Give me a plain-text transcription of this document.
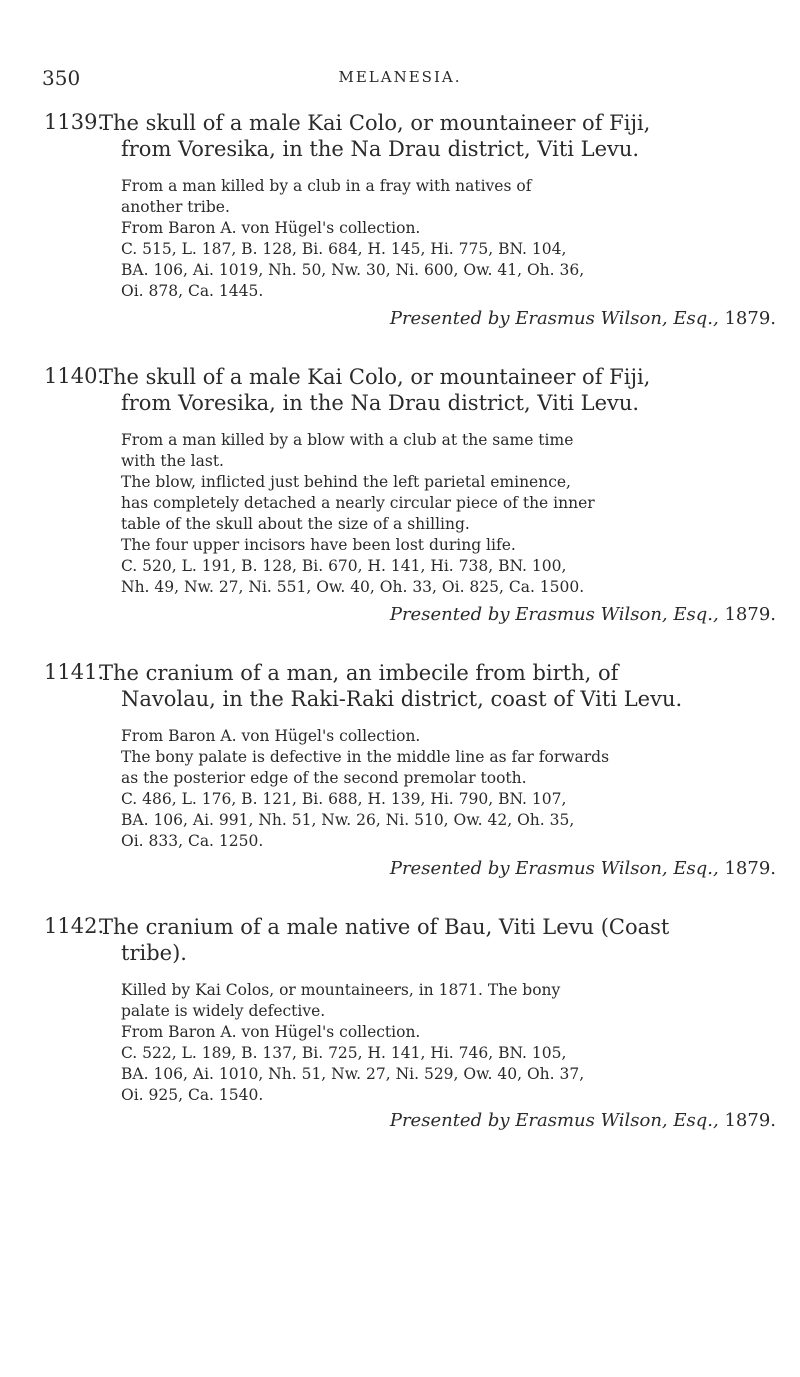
350	MELANESIA.
1139.
The skull of a male Kai Colo, or mountaineer of Fiji,
from Voresika, in the Na Drau district, Viti Levu.
From a man killed by a club in a fray with natives of
another tribe.
From Baron A. von Hügel's collection.
C. 515, L. 187, B. 128, Bi. 684, H. 145, Hi. 775, BN. 104,
BA. 106, Ai. 1019, Nh. 50, Nw. 30, Ni. 600, Ow. 41, Oh. 36,
Oi. 878, Ca. 1445.
Presented by Erasmus Wilson, Esq., 1879.
1140.
The skull of a male Kai Colo, or mountaineer of Fiji,
from Voresika, in the Na Drau district, Viti Levu.
From a man killed by a blow with a club at the same time
with the last.
The blow, inflicted just behind the left parietal eminence,
has completely detached a nearly circular piece of the inner
table of the skull about the size of a shilling.
The four upper incisors have been lost during life.
C. 520, L. 191, B. 128, Bi. 670, H. 141, Hi. 738, BN. 100,
Nh. 49, Nw. 27, Ni. 551, Ow. 40, Oh. 33, Oi. 825, Ca. 1500.
Presented by Erasmus Wilson, Esq., 1879.
1141.
The cranium of a man, an imbecile from birth, of
Navolau, in the Raki-Raki district, coast of Viti Levu.
From Baron A. von Hügel's collection.
The bony palate is defective in the middle line as far forwards
as the posterior edge of the second premolar tooth.
C. 486, L. 176, B. 121, Bi. 688, H. 139, Hi. 790, BN. 107,
BA. 106, Ai. 991, Nh. 51, Nw. 26, Ni. 510, Ow. 42, Oh. 35,
Oi. 833, Ca. 1250.
Presented by Erasmus Wilson, Esq., 1879.
1142.
The cranium of a male native of Bau, Viti Levu (Coast
tribe).
Killed by Kai Colos, or mountaineers, in 1871. The bony
palate is widely defective.
From Baron A. von Hügel's collection.
C. 522, L. 189, B. 137, Bi. 725, H. 141, Hi. 746, BN. 105,
BA. 106, Ai. 1010, Nh. 51, Nw. 27, Ni. 529, Ow. 40, Oh. 37,
Oi. 925, Ca. 1540.
Presented by Erasmus Wilson, Esq., 1879.
